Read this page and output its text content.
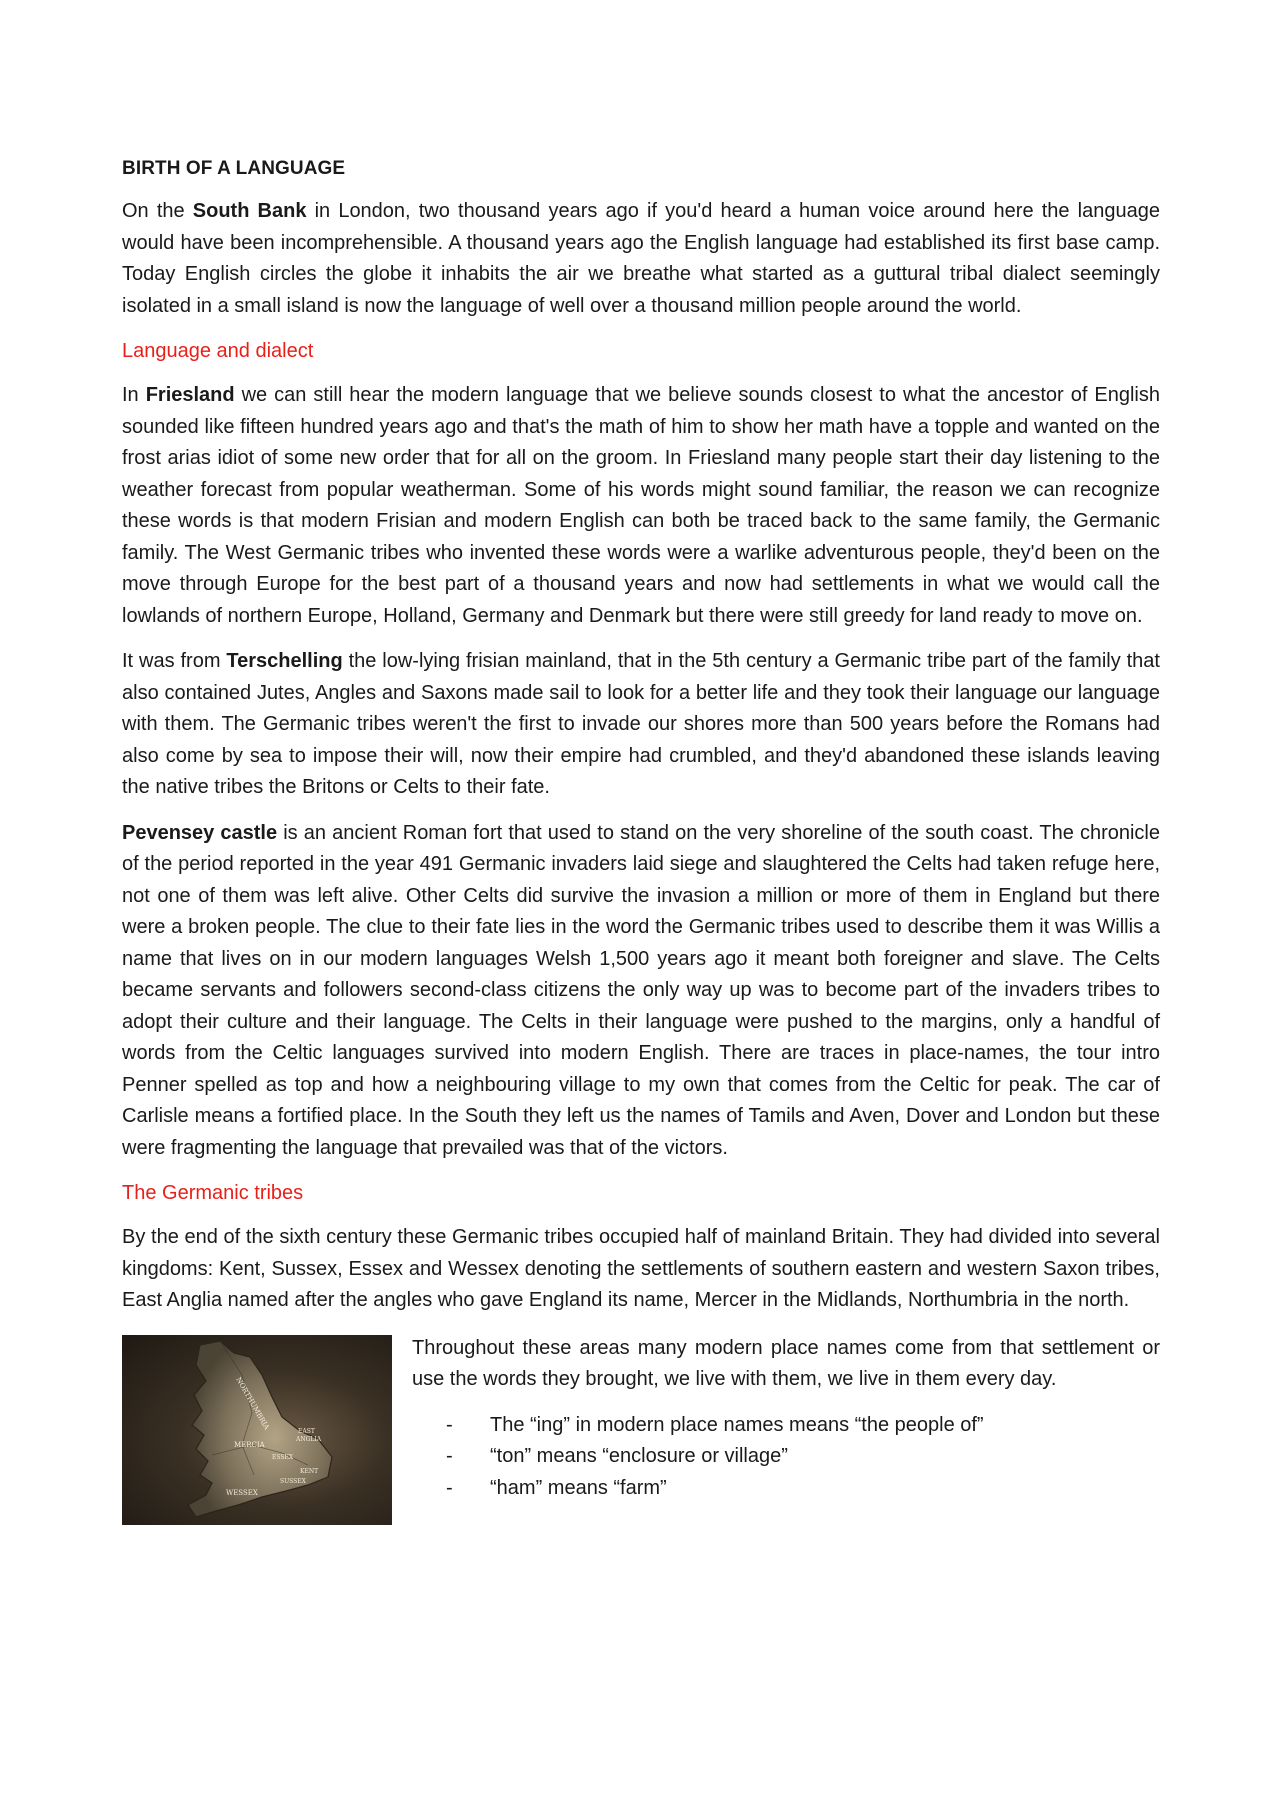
BIRTH OF A LANGUAGE

On the South Bank in London, two thousand years ago if you'd heard a human voice around here the language would have been incomprehensible. A thousand years ago the English language had established its first base camp. Today English circles the globe it inhabits the air we breathe what started as a guttural tribal dialect seemingly isolated in a small island is now the language of well over a thousand million people around the world.

Language and dialect

In Friesland we can still hear the modern language that we believe sounds closest to what the ancestor of English sounded like fifteen hundred years ago and that's the math of him to show her math have a topple and wanted on the frost arias idiot of some new order that for all on the groom. In Friesland many people start their day listening to the weather forecast from popular weatherman. Some of his words might sound familiar, the reason we can recognize these words is that modern Frisian and modern English can both be traced back to the same family, the Germanic family. The West Germanic tribes who invented these words were a warlike adventurous people, they'd been on the move through Europe for the best part of a thousand years and now had settlements in what we would call the lowlands of northern Europe, Holland, Germany and Denmark but there were still greedy for land ready to move on.

It was from Terschelling the low-lying frisian mainland, that in the 5th century a Germanic tribe part of the family that also contained Jutes, Angles and Saxons made sail to look for a better life and they took their language our language with them. The Germanic tribes weren't the first to invade our shores more than 500 years before the Romans had also come by sea to impose their will, now their empire had crumbled, and they'd abandoned these islands leaving the native tribes the Britons or Celts to their fate.

Pevensey castle is an ancient Roman fort that used to stand on the very shoreline of the south coast. The chronicle of the period reported in the year 491 Germanic invaders laid siege and slaughtered the Celts had taken refuge here, not one of them was left alive. Other Celts did survive the invasion a million or more of them in England but there were a broken people. The clue to their fate lies in the word the Germanic tribes used to describe them it was Willis a name that lives on in our modern languages Welsh 1,500 years ago it meant both foreigner and slave. The Celts became servants and followers second-class citizens the only way up was to become part of the invaders tribes to adopt their culture and their language. The Celts in their language were pushed to the margins, only a handful of words from the Celtic languages survived into modern English. There are traces in place-names, the tour intro Penner spelled as top and how a neighbouring village to my own that comes from the Celtic for peak. The car of Carlisle means a fortified place. In the South they left us the names of Tamils and Aven, Dover and London but these were fragmenting the language that prevailed was that of the victors.

The Germanic tribes

By the end of the sixth century these Germanic tribes occupied half of mainland Britain. They had divided into several kingdoms: Kent, Sussex, Essex and Wessex denoting the settlements of southern eastern and western Saxon tribes, East Anglia named after the angles who gave England its name, Mercer in the Midlands, Northumbria in the north.

NORTHUMBRIA
MERCIA
EAST
ANGLIA
ESSEX
KENT
SUSSEX
WESSEX

Throughout these areas many modern place names come from that settlement or use the words they brought, we live with them, we live in them every day.

- The “ing” in modern place names means “the people of”
- “ton” means “enclosure or village”
- “ham” means “farm”
